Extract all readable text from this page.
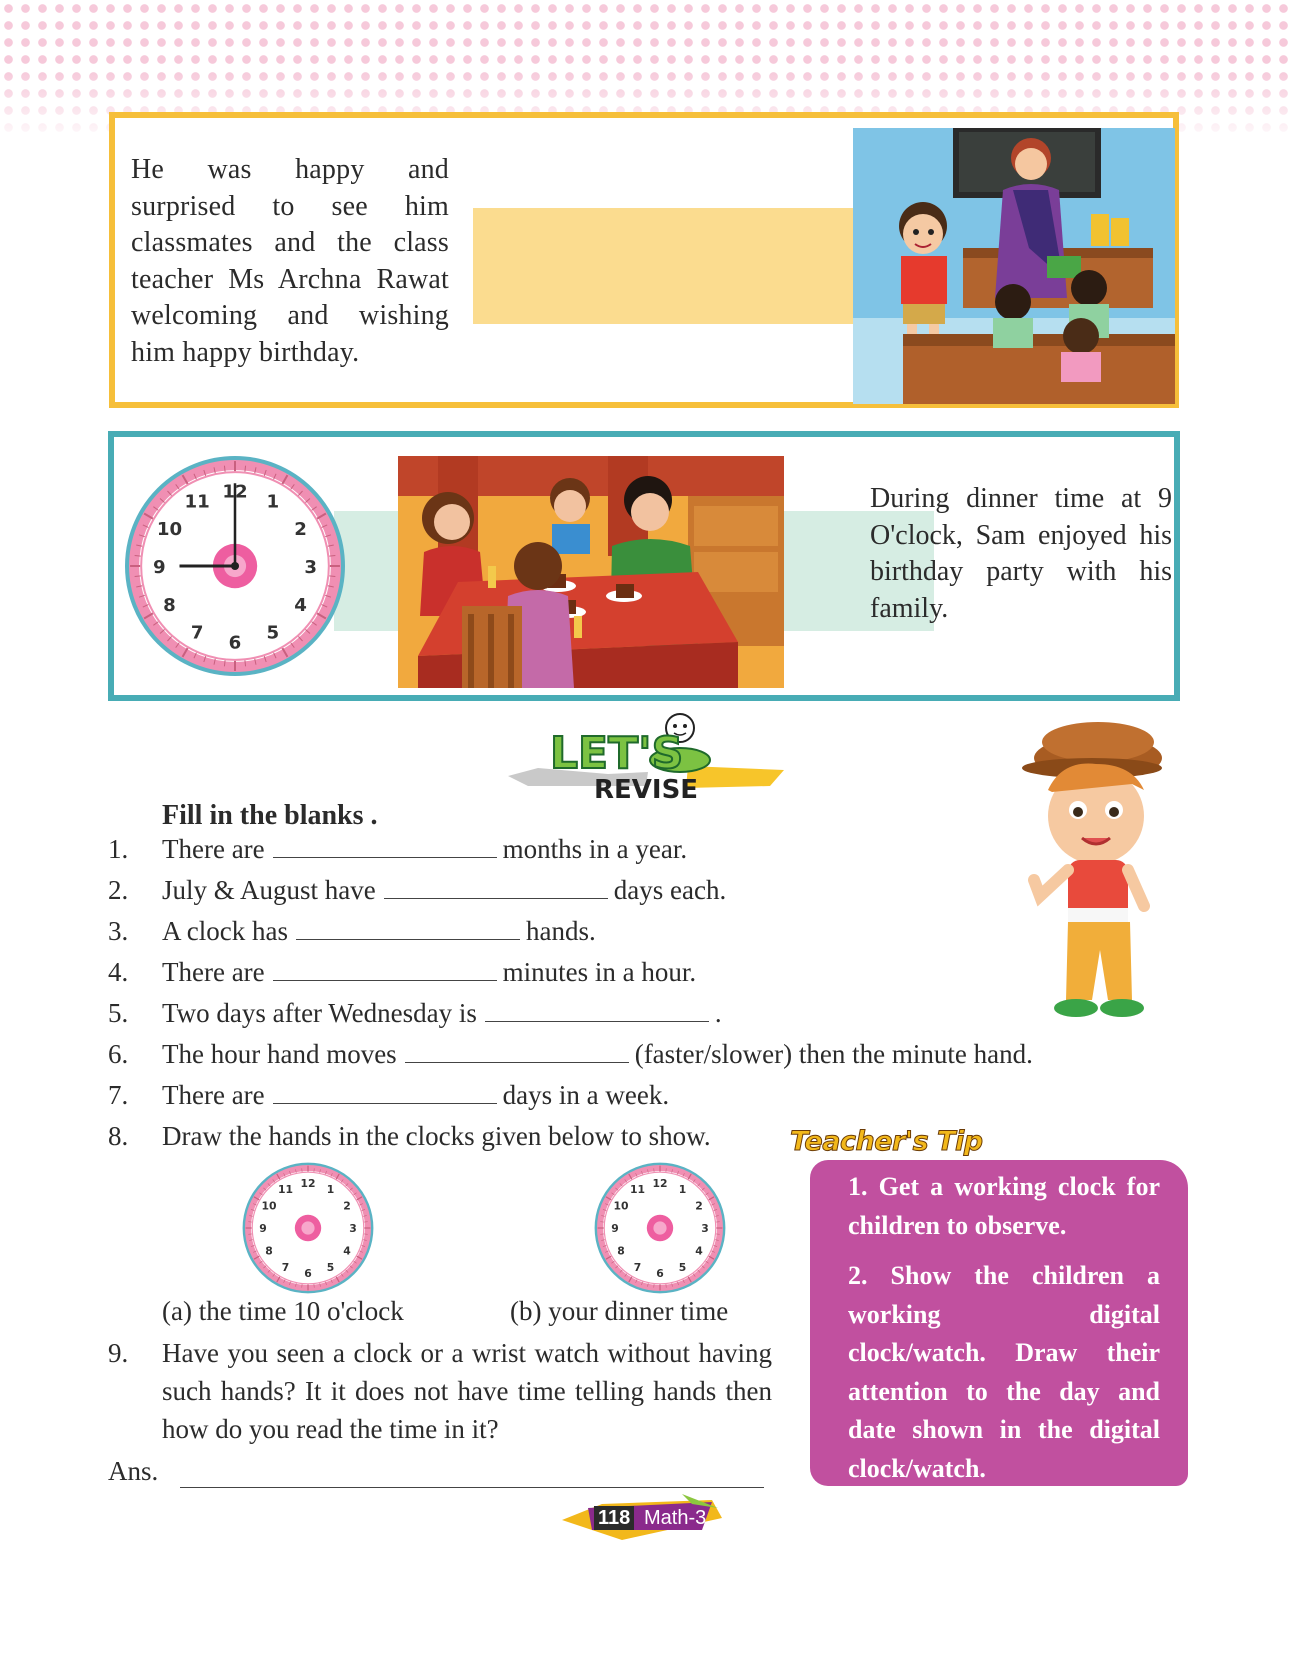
He was happy and surprised to see him classmates and the class teacher Ms Archna Rawat welcoming and wishing him happy birthday.
12 1
2
3
4
5
6
7
8
9
10
11	During dinner time at 9 O'clock, Sam enjoyed his birthday party with his family.
LET'S
REVISE
Fill in the blanks .
1. There are	months in a year.
2. July & August have	days each.
3. A clock has	hands.
4. There are	minutes in a hour.
5. Two days after Wednesday is	.
6. The hour hand moves	(faster/slower) then the minute hand.
7. There are	days in a week.
8. Draw the hands in the clocks given below to show.
12 1
2
3
4
5
6
7
8
9
10
11	12 1
2
3
4
5
6
7
8
9
10
11
(a) the time 10 o'clock	(b) your dinner time
9. Have you seen a clock or a wrist watch without having such hands? It it does not have time telling hands then how do you read the time in it?
Ans.

1. Get a working clock for children to observe.

2. Show the children a working digital clock/watch. Draw their attention to the day and date shown in the digital clock/watch.

Teacher's Tip
118 Math-3
